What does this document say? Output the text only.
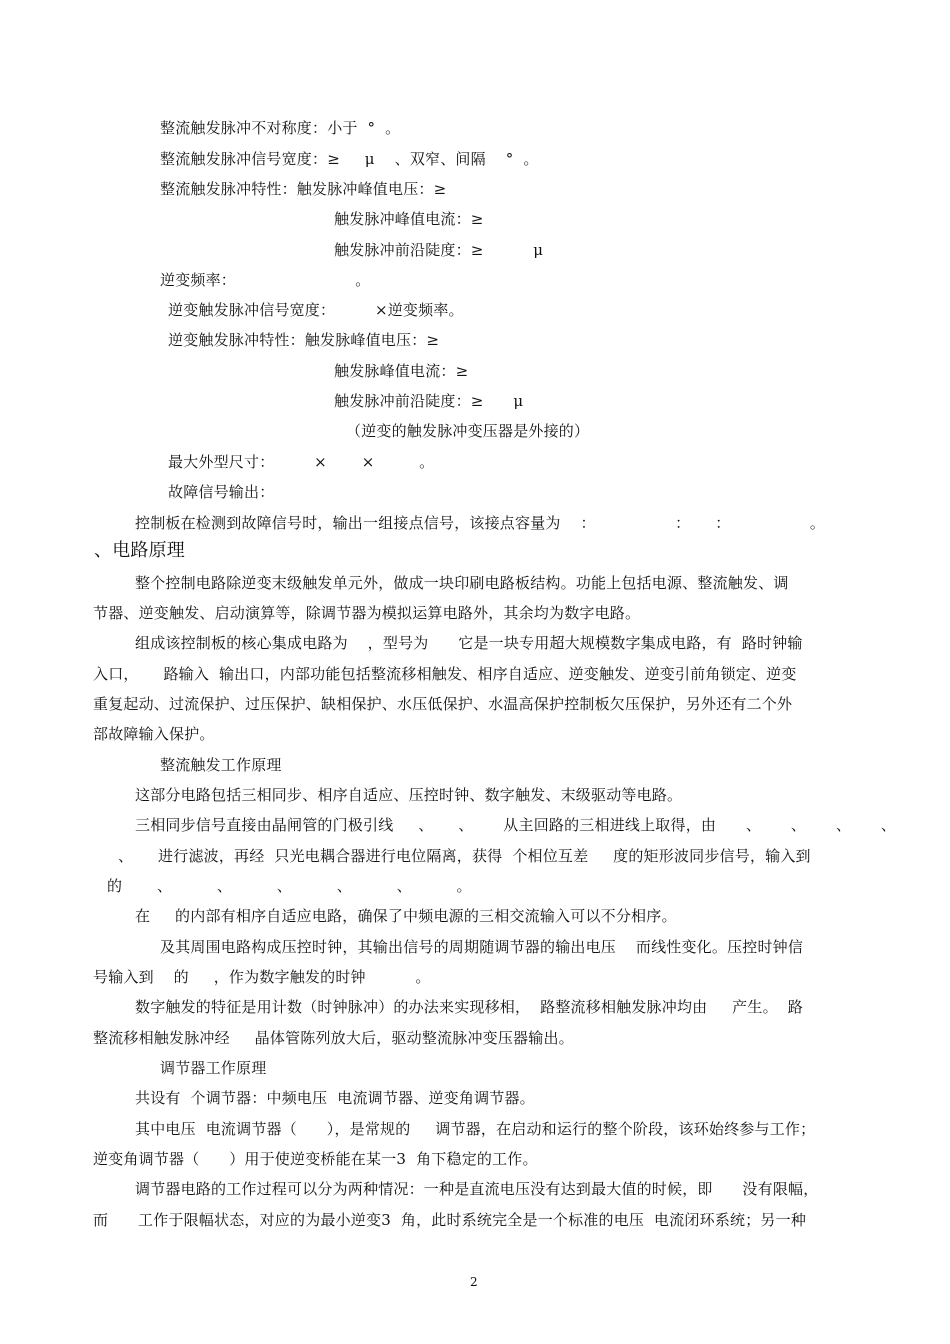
整流触发脉冲不对称度：小于  °  。
整流触发脉冲信号宽度：≥     μ    、双窄、间隔    °  。
整流触发脉冲特性：触发脉冲峰值电压：≥
触发脉冲峰值电流：≥
触发脉冲前沿陡度：≥          μ
逆变频率：                        。
逆变触发脉冲信号宽度：        ×逆变频率。
逆变触发脉冲特性：触发脉峰值电压：≥
触发脉峰值电流：≥
触发脉冲前沿陡度：≥      μ
（逆变的触发脉冲变压器是外接的）
最大外型尺寸：        ×       ×         。
故障信号输出：
控制板在检测到故障信号时，输出一组接点信号，该接点容量为    ：                ：     ：                。
、电路原理
整个控制电路除逆变末级触发单元外，做成一块印刷电路板结构。功能上包括电源、整流触发、调
节器、逆变触发、启动演算等，除调节器为模拟运算电路外，其余均为数字电路。
组成该控制板的核心集成电路为    ，型号为      它是一块专用超大规模数字集成电路，有  路时钟输
入口，     路输入  输出口，内部功能包括整流移相触发、相序自适应、逆变触发、逆变引前角锁定、逆变
重复起动、过流保护、过压保护、缺相保护、水压低保护、水温高保护控制板欠压保护，另外还有二个外
部故障输入保护。
整流触发工作原理
这部分电路包括三相同步、相序自适应、压控时钟、数字触发、末级驱动等电路。
三相同步信号直接由晶闸管的门极引线     、     、      从主回路的三相进线上取得，由      、      、      、      、
、     进行滤波，再经  只光电耦合器进行电位隔离，获得  个相位互差     度的矩形波同步信号，输入到
的       、         、         、         、         、         。
在     的内部有相序自适应电路，确保了中频电源的三相交流输入可以不分相序。
及其周围电路构成压控时钟，其输出信号的周期随调节器的输出电压    而线性变化。压控时钟信
号输入到    的     ，作为数字触发的时钟          。
数字触发的特征是用计数（时钟脉冲）的办法来实现移相，  路整流移相触发脉冲均由     产生。  路
整流移相触发脉冲经     晶体管陈列放大后，驱动整流脉冲变压器输出。
调节器工作原理
共设有  个调节器：中频电压  电流调节器、逆变角调节器。
其中电压  电流调节器（      ），是常规的     调节器，在启动和运行的整个阶段，该环始终参与工作；
逆变角调节器（      ）用于使逆变桥能在某一3  角下稳定的工作。
调节器电路的工作过程可以分为两种情况：一种是直流电压没有达到最大值的时候，即      没有限幅，
而      工作于限幅状态，对应的为最小逆变3  角，此时系统完全是一个标准的电压  电流闭环系统；另一种
2
